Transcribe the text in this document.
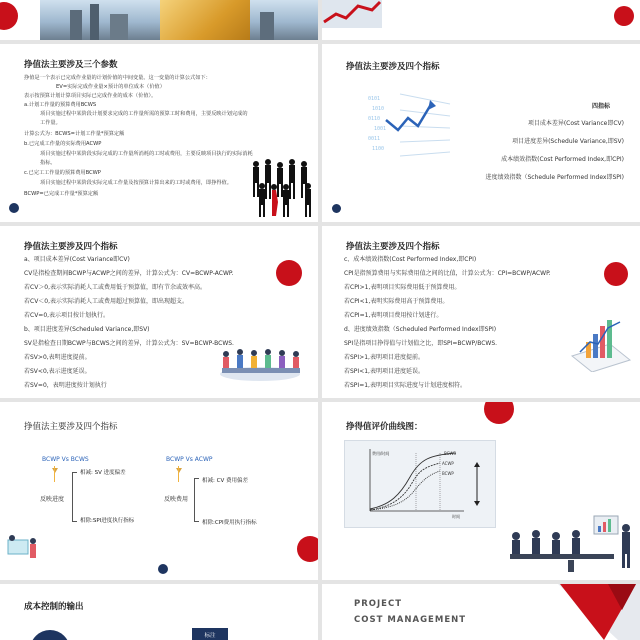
挣值法主要涉及三个参数
挣值是一个表示已完成作业量的计划价值的中间变量。这一变量的计算公式如下：
EV=实际完成作业量×预计的单位成本（价值）
表示按预算计划计算项目实际已完成作业的成本（价值）。
a.计划工作量的预算费用BCWS
项目实施过程中某阶段计划要求完成的工作量所需的预算工时和费用，主要反映计划完成的
工作量。
计算公式为：BCWS=计划工作量*预算定额
b.已完成工作量的实际费用ACWP
项目实施过程中某阶段实际完成的工作量所消耗的工时或费用，主要反映项目执行的实际消耗
指标。
c.已完工工作量的预算费用BCWP
项目实施过程中某阶段实际完成工作量及按预算计算出来的工时或费用，即挣得值。
BCWP=已完成工作量*预算定额
挣值法主要涉及四个指标
0101
1010
0110
1001
0011
1100
四指标
项目成本差异(Cost Variance即CV)
项目进度差异(Schedule Variance,即SV)
成本绩效指数(Cost Performed Index,即CPI)
进度绩效指数（Schedule Performed Index即SPI)
挣值法主要涉及四个指标
a、项目成本差异(Cost Variance即CV)
CV是指检查期间BCWP与ACWP之间的差异，计算公式为：CV=BCWP-ACWP.
若CV＞0,表示实际消耗人工或费用低于预算值，即有节余或效率高。
若CV＜0,表示实际消耗人工或费用超过预算值，即出现超支。
若CV=0,表示项目按计划执行。
b、项目进度差异(Scheduled Variance,即SV)
SV是指检查日期BCWP与BCWS之间的差异，计算公式为：SV=BCWP-BCWS.
若SV>0,表明进度提前。
若SV<0,表示进度延误。
若SV=0，表明进度按计划执行
挣值法主要涉及四个指标
c、成本绩效指数(Cost Performed Index,即CPI)
CPI是指预算费用与实际费用值之间的比值，计算公式为：CPI=BCWP/ACWP.
若CPI>1,表明项目实际费用低于预算费用。
若CPI<1,表明实际费用高于预算费用。
若CPI=1,表明项目费用按计划进行。
d、进度绩效指数（Scheduled Performed Index即SPI)
SPI是指项目挣得值与计划值之比，即SPI=BCWP/BCWS.
若SPI>1,表明项目进度提前。
若SPI<1,表明项目进度延误。
若SPI=1,表明项目实际进度与计划进度相符。
挣值法主要涉及四个指标
BCWP Vs BCWS
反映进度
相减: SV 进度偏差
相除:SPI进度执行指标
BCWP Vs ACWP
反映费用
相减: CV 费用偏差
相除:CPI费用执行指标
挣得值评价曲线图：
费用/时间	BCWS
ACWP
BCWP
时间
成本控制的输出
标注
PROJECT
COST MANAGEMENT
